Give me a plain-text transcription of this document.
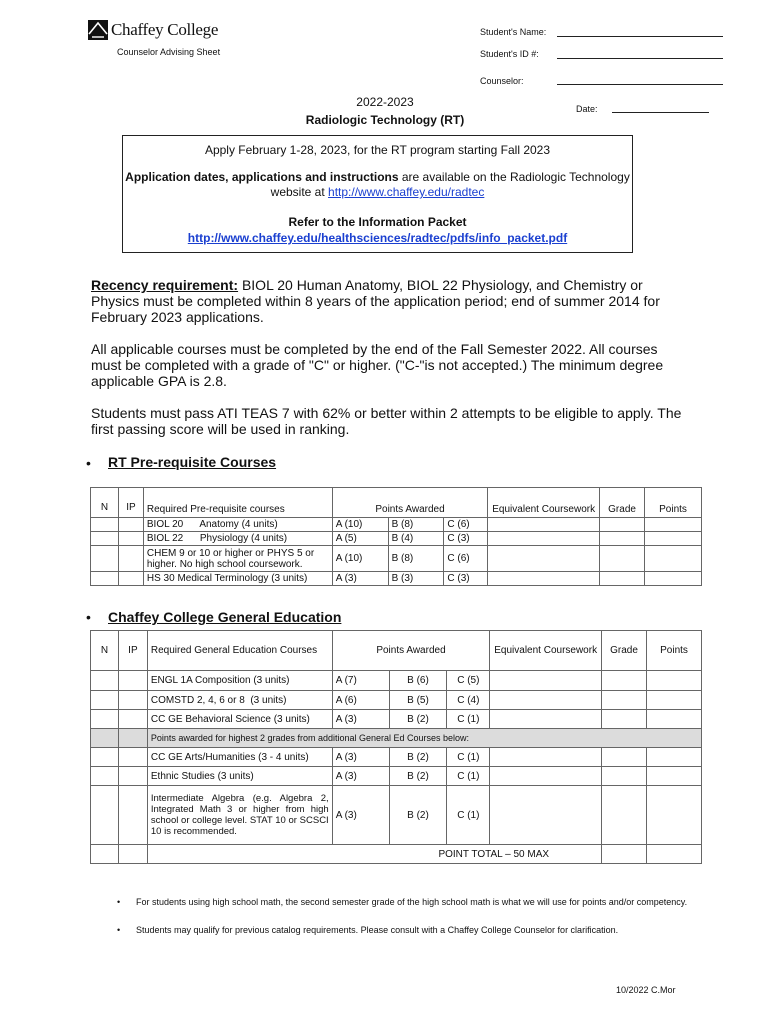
Chaffey College
Counselor Advising Sheet
Student's Name:
Student's ID #:
Counselor:
Date:
2022-2023
Radiologic Technology (RT)

Apply February 1-28, 2023, for the RT program starting Fall 2023

Application dates, applications and instructions are available on the Radiologic Technology

website at http://www.chaffey.edu/radtec

Refer to the Information Packet

http://www.chaffey.edu/healthsciences/radtec/pdfs/info_packet.pdf

Recency requirement: BIOL 20 Human Anatomy, BIOL 22 Physiology, and Chemistry or Physics must be completed within 8 years of the application period; end of summer 2014 for February 2023 applications.
All applicable courses must be completed by the end of the Fall Semester 2022. All courses must be completed with a grade of "C" or higher. ("C-"is not accepted.) The minimum degree applicable GPA is 2.8.
Students must pass ATI TEAS 7 with 62% or better within 2 attempts to be eligible to apply. The first passing score will be used in ranking.
• RT Pre-requisite Courses
N	IP	Required Pre-requisite courses	Points Awarded			Equivalent Coursework	Grade	Points
		BIOL 20      Anatomy (4 units)	A (10)	B (8)	C (6)			
		BIOL 22      Physiology (4 units)	A (5)	B (4)	C (3)			
		CHEM 9 or 10 or higher or PHYS 5 or higher. No high school coursework.	A (10)	B (8)	C (6)			
		HS 30 Medical Terminology (3 units)	A (3)	B (3)	C (3)			
• Chaffey College General Education
N	IP	Required General Education Courses	Points Awarded			Equivalent Coursework	Grade	Points
		ENGL 1A Composition (3 units)	A (7)	B (6)	C (5)			
		COMSTD 2, 4, 6 or 8  (3 units)	A (6)	B (5)	C (4)			
		CC GE Behavioral Science (3 units)	A (3)	B (2)	C (1)			
		Points awarded for highest 2 grades from additional General Ed Courses below:						
		CC GE Arts/Humanities (3 - 4 units)	A (3)	B (2)	C (1)			
		Ethnic Studies (3 units)	A (3)	B (2)	C (1)			
		Intermediate Algebra (e.g. Algebra 2, Integrated Math 3 or higher from high school or college level. STAT 10 or SCSCI 10 is recommended.	A (3)	B (2)	C (1)			
		POINT TOTAL – 50 MAX						
• For students using high school math, the second semester grade of the high school math is what we will use for points and/or competency.
• Students may qualify for previous catalog requirements. Please consult with a Chaffey College Counselor for clarification.
10/2022 C.Mor
